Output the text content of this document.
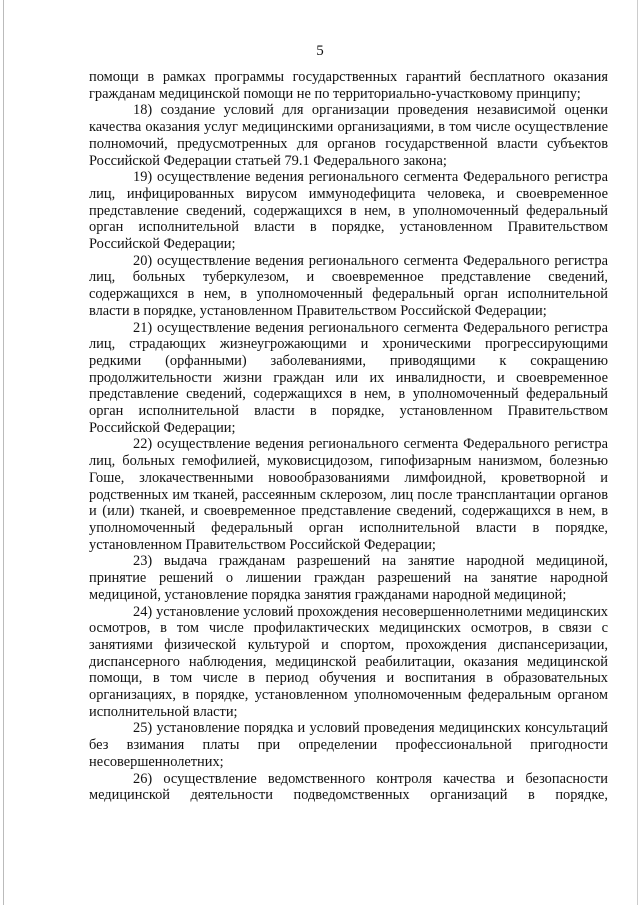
5

помощи в рамках программы государственных гарантий бесплатного оказания гражданам медицинской помощи не по территориально-участковому принципу;

18) создание условий для организации проведения независимой оценки качества оказания услуг медицинскими организациями, в том числе осуществление полномочий, предусмотренных для органов государственной власти субъектов Российской Федерации статьей 79.1 Федерального закона;

19) осуществление ведения регионального сегмента Федерального регистра лиц, инфицированных вирусом иммунодефицита человека, и своевременное представление сведений, содержащихся в нем, в уполномоченный федеральный орган исполнительной власти в порядке, установленном Правительством Российской Федерации;

20) осуществление ведения регионального сегмента Федерального регистра лиц, больных туберкулезом, и своевременное представление сведений, содержащихся в нем, в уполномоченный федеральный орган исполнительной власти в порядке, установленном Правительством Российской Федерации;

21) осуществление ведения регионального сегмента Федерального регистра лиц, страдающих жизнеугрожающими и хроническими прогрессирующими редкими (орфанными) заболеваниями, приводящими к сокращению продолжительности жизни граждан или их инвалидности, и своевременное представление сведений, содержащихся в нем, в уполномоченный федеральный орган исполнительной власти в порядке, установленном Правительством Российской Федерации;

22) осуществление ведения регионального сегмента Федерального регистра лиц, больных гемофилией, муковисцидозом, гипофизарным нанизмом, болезнью Гоше, злокачественными новообразованиями лимфоидной, кроветворной и родственных им тканей, рассеянным склерозом, лиц после трансплантации органов и (или) тканей, и своевременное представление сведений, содержащихся в нем, в уполномоченный федеральный орган исполнительной власти в порядке, установленном Правительством Российской Федерации;

23) выдача гражданам разрешений на занятие народной медициной, принятие решений о лишении граждан разрешений на занятие народной медициной, установление порядка занятия гражданами народной медициной;

24) установление условий прохождения несовершеннолетними медицинских осмотров, в том числе профилактических медицинских осмотров, в связи с занятиями физической культурой и спортом, прохождения диспансеризации, диспансерного наблюдения, медицинской реабилитации, оказания медицинской помощи, в том числе в период обучения и воспитания в образовательных организациях, в порядке, установленном уполномоченным федеральным органом исполнительной власти;

25) установление порядка и условий проведения медицинских консультаций без взимания платы при определении профессиональной пригодности несовершеннолетних;

26) осуществление ведомственного контроля качества и безопасности медицинской деятельности подведомственных организаций в порядке,
